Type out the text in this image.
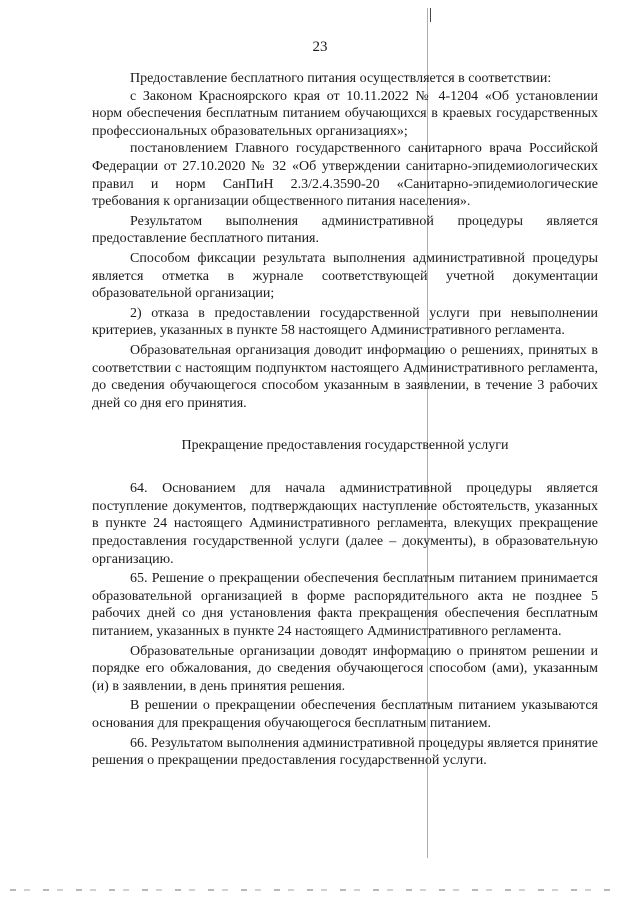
23

Предоставление бесплатного питания осуществляется в соответствии:

с Законом Красноярского края от 10.11.2022 № 4-1204 «Об установлении норм обеспечения бесплатным питанием обучающихся в краевых государственных профессиональных образовательных организациях»;

постановлением Главного государственного санитарного врача Российской Федерации от 27.10.2020 № 32 «Об утверждении санитарно-эпидемиологических правил и норм СанПиН 2.3/2.4.3590-20 «Санитарно-эпидемиологические требования к организации общественного питания населения».

Результатом выполнения административной процедуры является предоставление бесплатного питания.

Способом фиксации результата выполнения административной процедуры является отметка в журнале соответствующей учетной документации образовательной организации;

2) отказа в предоставлении государственной услуги при невыполнении критериев, указанных в пункте 58 настоящего Административного регламента.

Образовательная организация доводит информацию о решениях, принятых в соответствии с настоящим подпунктом настоящего Административного регламента, до сведения обучающегося способом указанным в заявлении, в течение 3 рабочих дней со дня его принятия.

Прекращение предоставления государственной услуги

64. Основанием для начала административной процедуры является поступление документов, подтверждающих наступление обстоятельств, указанных в пункте 24 настоящего Административного регламента, влекущих прекращение предоставления государственной услуги (далее – документы), в образовательную организацию.

65. Решение о прекращении обеспечения бесплатным питанием принимается образовательной организацией в форме распорядительного акта не позднее 5 рабочих дней со дня установления факта прекращения обеспечения бесплатным питанием, указанных в пункте 24 настоящего Административного регламента.

Образовательные организации доводят информацию о принятом решении и порядке его обжалования, до сведения обучающегося способом (ами), указанным (и) в заявлении, в день принятия решения.

В решении о прекращении обеспечения бесплатным питанием указываются основания для прекращения обучающегося бесплатным питанием.

66. Результатом выполнения административной процедуры является принятие решения о прекращении предоставления государственной услуги.
